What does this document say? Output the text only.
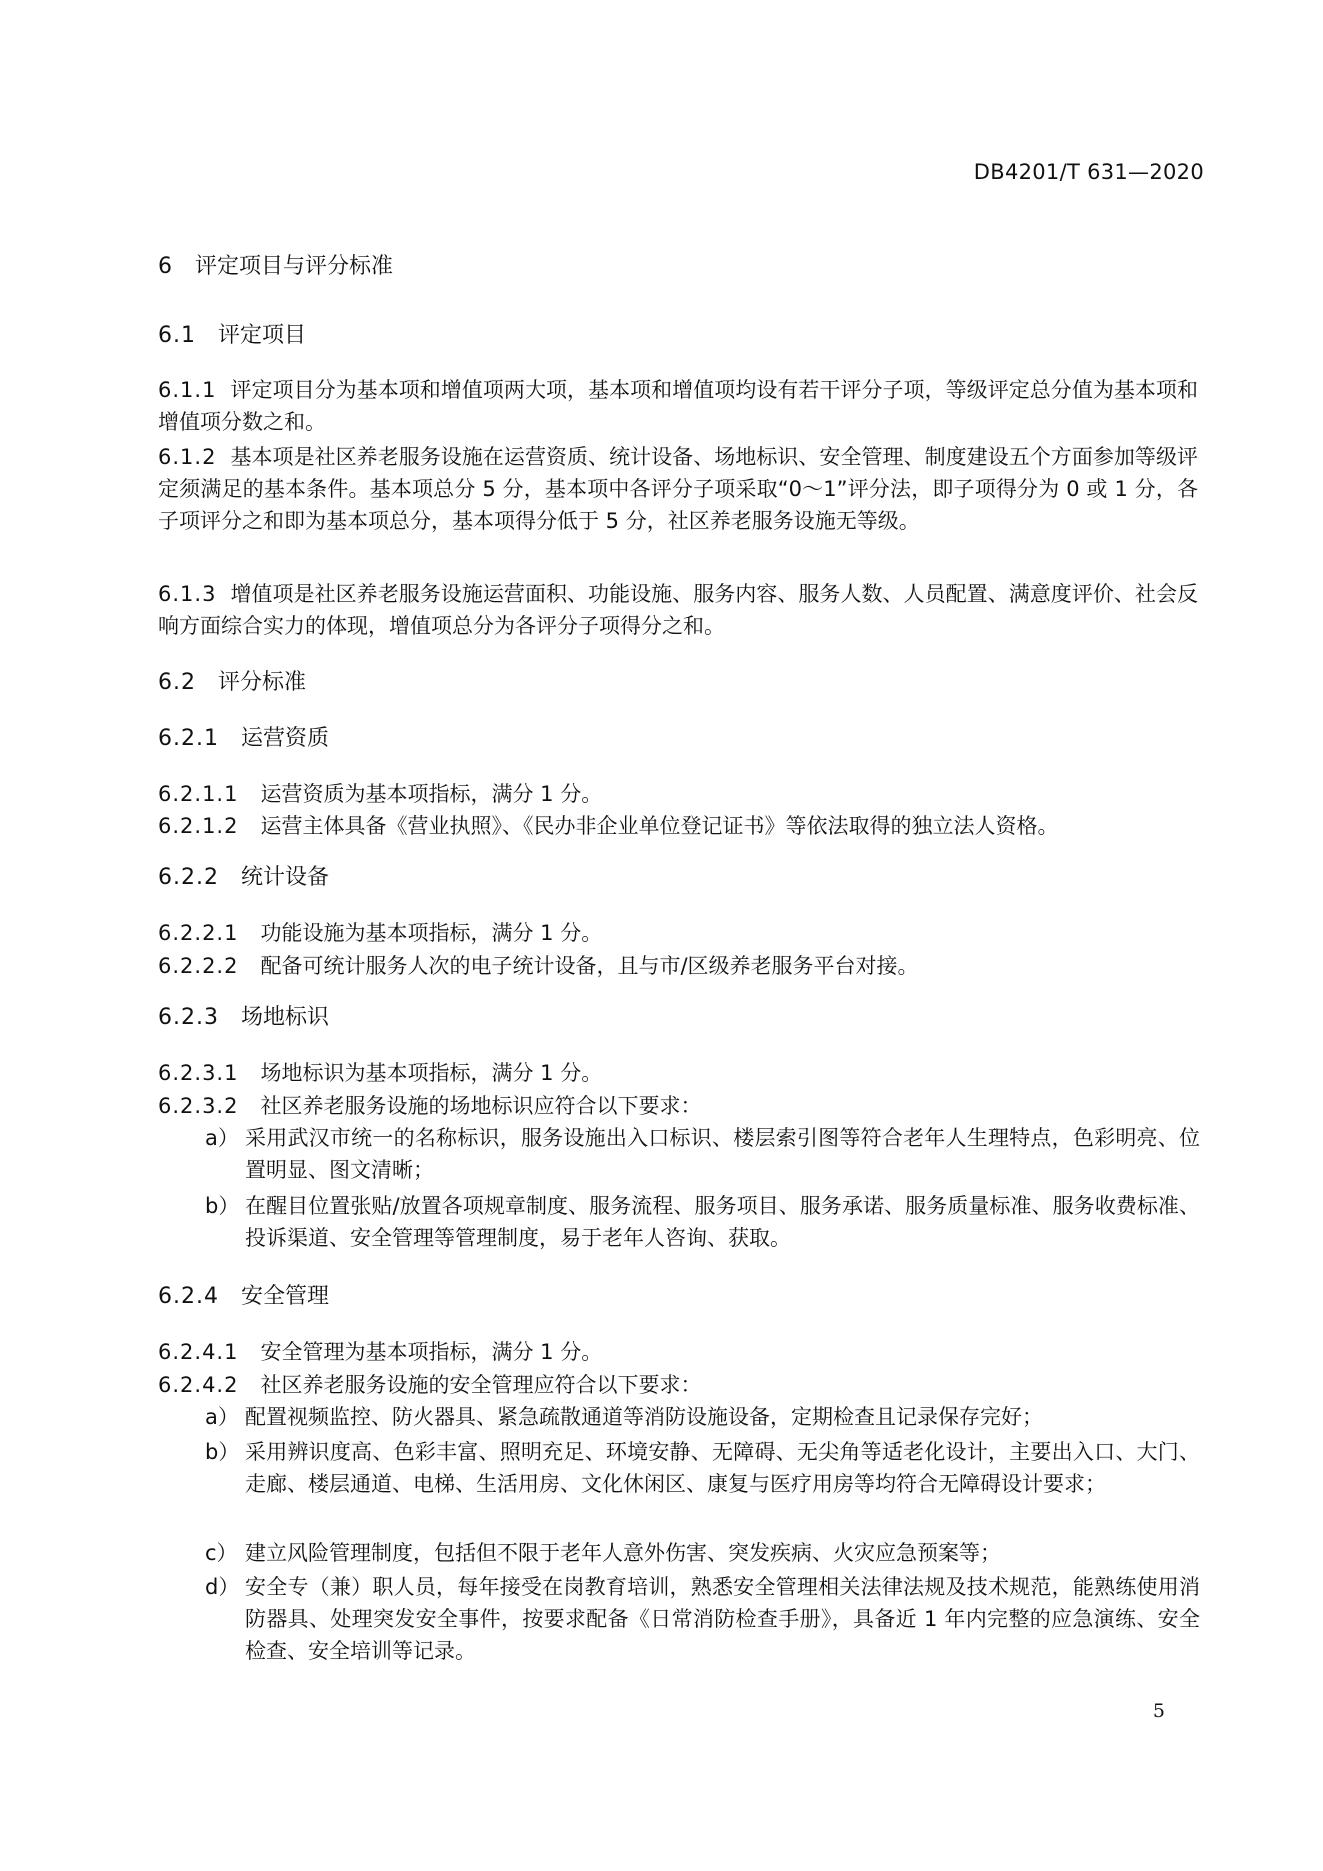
DB4201/T 631—2020
6 评定项目与评分标准
6.1 评定项目
6.1.1 评定项目分为基本项和增值项两大项，基本项和增值项均设有若干评分子项，等级评定总分值为基本项和增值项分数之和。
6.1.2 基本项是社区养老服务设施在运营资质、统计设备、场地标识、安全管理、制度建设五个方面参加等级评定须满足的基本条件。基本项总分 5 分，基本项中各评分子项采取“0～1”评分法，即子项得分为 0 或 1 分，各子项评分之和即为基本项总分，基本项得分低于 5 分，社区养老服务设施无等级。
6.1.3 增值项是社区养老服务设施运营面积、功能设施、服务内容、服务人数、人员配置、满意度评价、社会反响方面综合实力的体现，增值项总分为各评分子项得分之和。
6.2 评分标准
6.2.1 运营资质
6.2.1.1 运营资质为基本项指标，满分 1 分。
6.2.1.2 运营主体具备《营业执照》、《民办非企业单位登记证书》等依法取得的独立法人资格。
6.2.2 统计设备
6.2.2.1 功能设施为基本项指标，满分 1 分。
6.2.2.2 配备可统计服务人次的电子统计设备，且与市/区级养老服务平台对接。
6.2.3 场地标识
6.2.3.1 场地标识为基本项指标，满分 1 分。
6.2.3.2 社区养老服务设施的场地标识应符合以下要求：
a） 采用武汉市统一的名称标识，服务设施出入口标识、楼层索引图等符合老年人生理特点，色彩明亮、位置明显、图文清晰；
b） 在醒目位置张贴/放置各项规章制度、服务流程、服务项目、服务承诺、服务质量标准、服务收费标准、投诉渠道、安全管理等管理制度，易于老年人咨询、获取。
6.2.4 安全管理
6.2.4.1 安全管理为基本项指标，满分 1 分。
6.2.4.2 社区养老服务设施的安全管理应符合以下要求：
a） 配置视频监控、防火器具、紧急疏散通道等消防设施设备，定期检查且记录保存完好；
b） 采用辨识度高、色彩丰富、照明充足、环境安静、无障碍、无尖角等适老化设计，主要出入口、大门、走廊、楼层通道、电梯、生活用房、文化休闲区、康复与医疗用房等均符合无障碍设计要求；
c） 建立风险管理制度，包括但不限于老年人意外伤害、突发疾病、火灾应急预案等；
d） 安全专（兼）职人员，每年接受在岗教育培训，熟悉安全管理相关法律法规及技术规范，能熟练使用消防器具、处理突发安全事件，按要求配备《日常消防检查手册》，具备近 1 年内完整的应急演练、安全检查、安全培训等记录。
5
